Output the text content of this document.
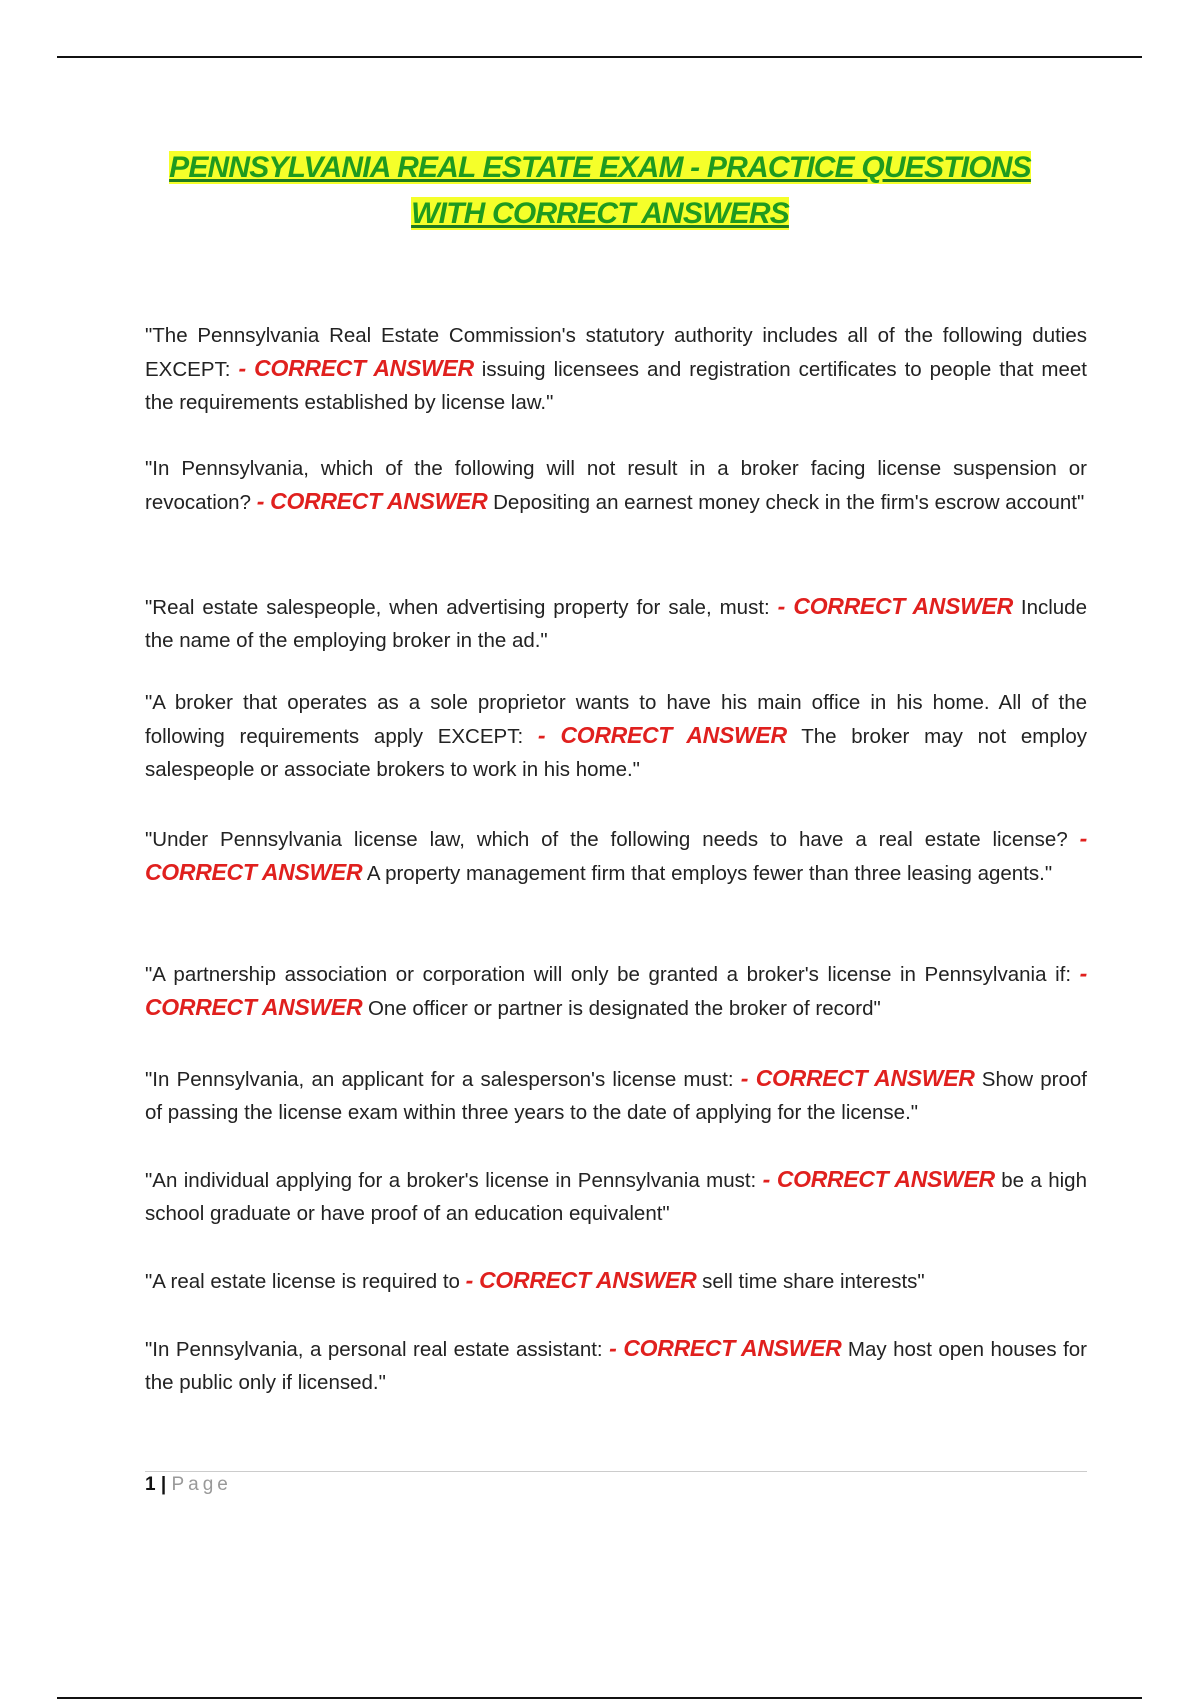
PENNSYLVANIA REAL ESTATE EXAM - PRACTICE QUESTIONS
WITH CORRECT ANSWERS
"The Pennsylvania Real Estate Commission's statutory authority includes all of the following duties EXCEPT: - CORRECT ANSWER issuing licensees and registration certificates to people that meet the requirements established by license law."
"In Pennsylvania, which of the following will not result in a broker facing license suspension or revocation? - CORRECT ANSWER Depositing an earnest money check in the firm's escrow account"
"Real estate salespeople, when advertising property for sale, must: - CORRECT ANSWER Include the name of the employing broker in the ad."
"A broker that operates as a sole proprietor wants to have his main office in his home. All of the following requirements apply EXCEPT: - CORRECT ANSWER The broker may not employ salespeople or associate brokers to work in his home."
"Under Pennsylvania license law, which of the following needs to have a real estate license? - CORRECT ANSWER A property management firm that employs fewer than three leasing agents."
"A partnership association or corporation will only be granted a broker's license in Pennsylvania if: - CORRECT ANSWER One officer or partner is designated the broker of record"
"In Pennsylvania, an applicant for a salesperson's license must: - CORRECT ANSWER Show proof of passing the license exam within three years to the date of applying for the license."
"An individual applying for a broker's license in Pennsylvania must: - CORRECT ANSWER be a high school graduate or have proof of an education equivalent"
"A real estate license is required to - CORRECT ANSWER sell time share interests"
"In Pennsylvania, a personal real estate assistant: - CORRECT ANSWER May host open houses for the public only if licensed."
1 | Page
